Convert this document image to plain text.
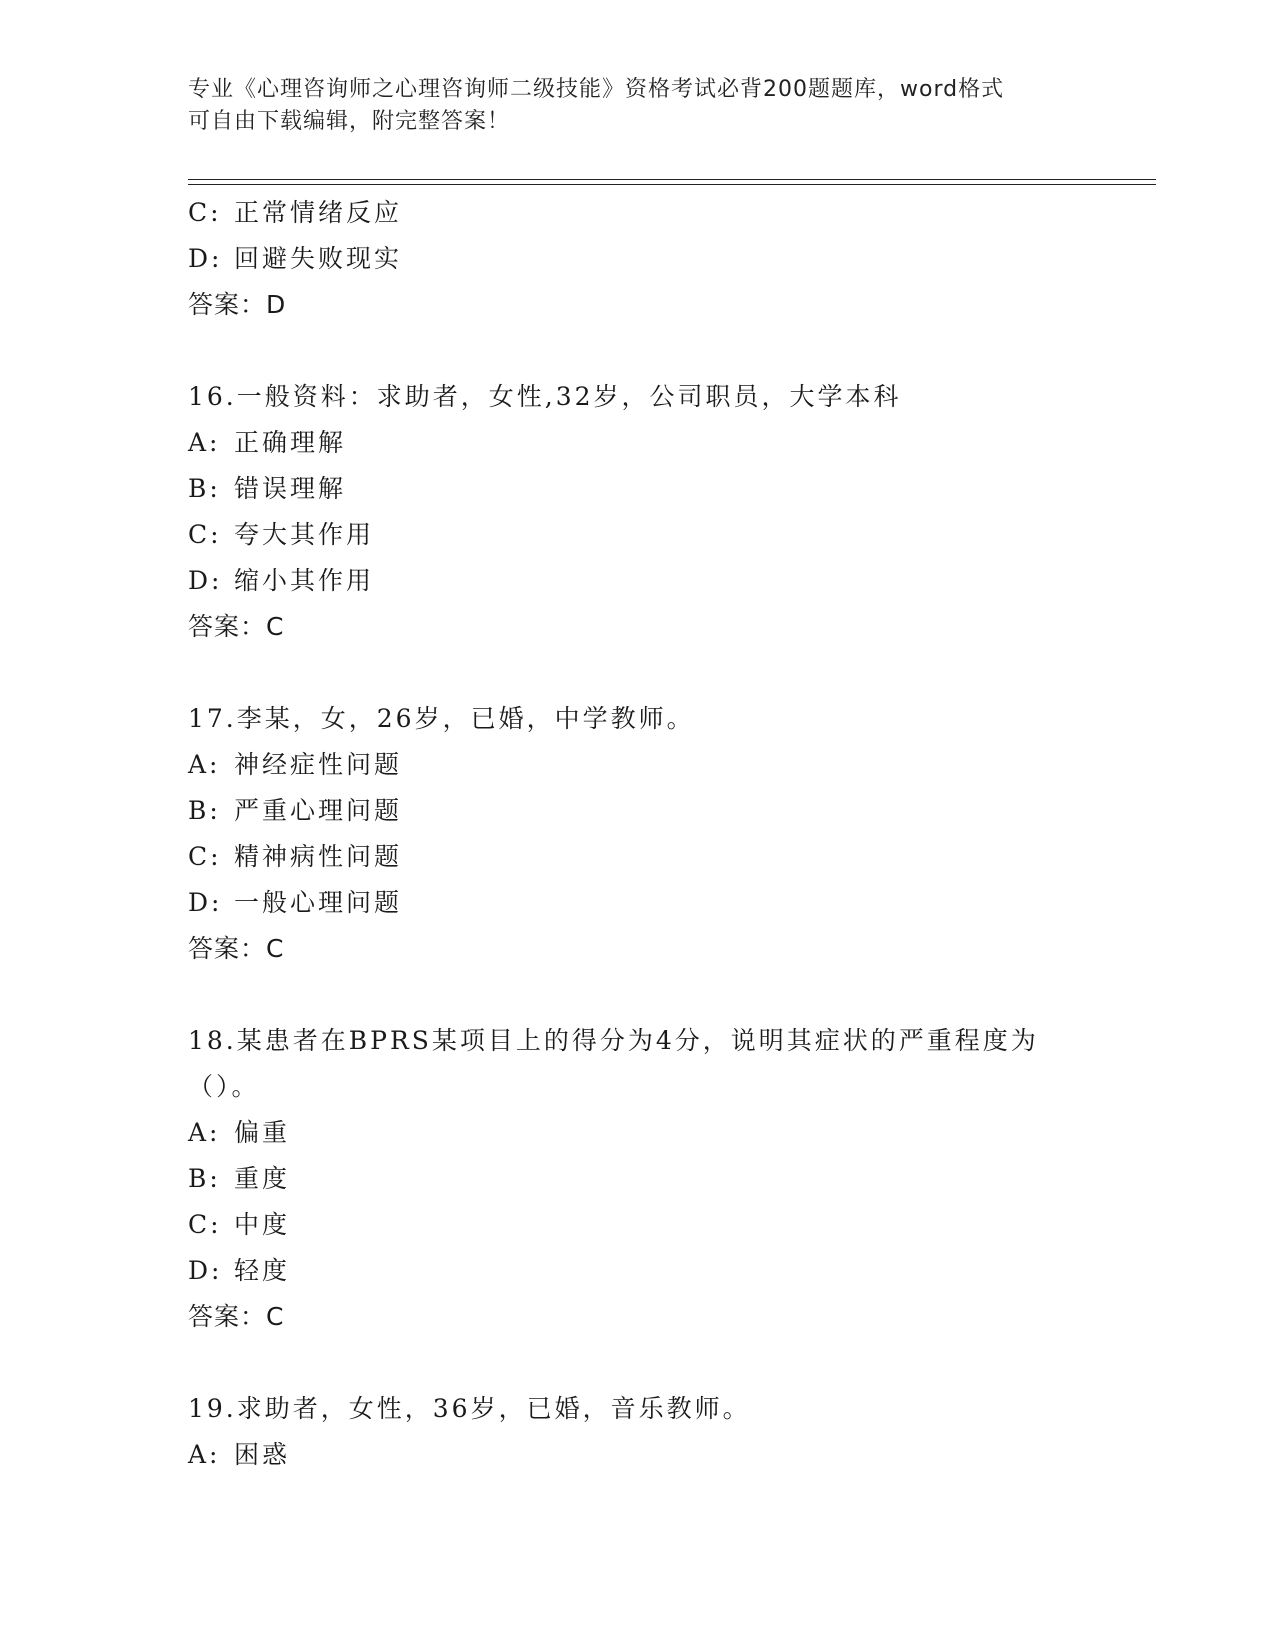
专业《心理咨询师之心理咨询师二级技能》资格考试必背200题题库，word格式
可自由下载编辑，附完整答案！
C: 正常情绪反应
D: 回避失败现实
答案：D
16.一般资料：求助者，女性,32岁，公司职员，大学本科
A: 正确理解
B: 错误理解
C: 夸大其作用
D: 缩小其作用
答案：C
17.李某，女，26岁，已婚，中学教师。
A: 神经症性问题
B: 严重心理问题
C: 精神病性问题
D: 一般心理问题
答案：C
18.某患者在BPRS某项目上的得分为4分，说明其症状的严重程度为
（）。
A: 偏重
B: 重度
C: 中度
D: 轻度
答案：C
19.求助者，女性，36岁，已婚，音乐教师。
A: 困惑
